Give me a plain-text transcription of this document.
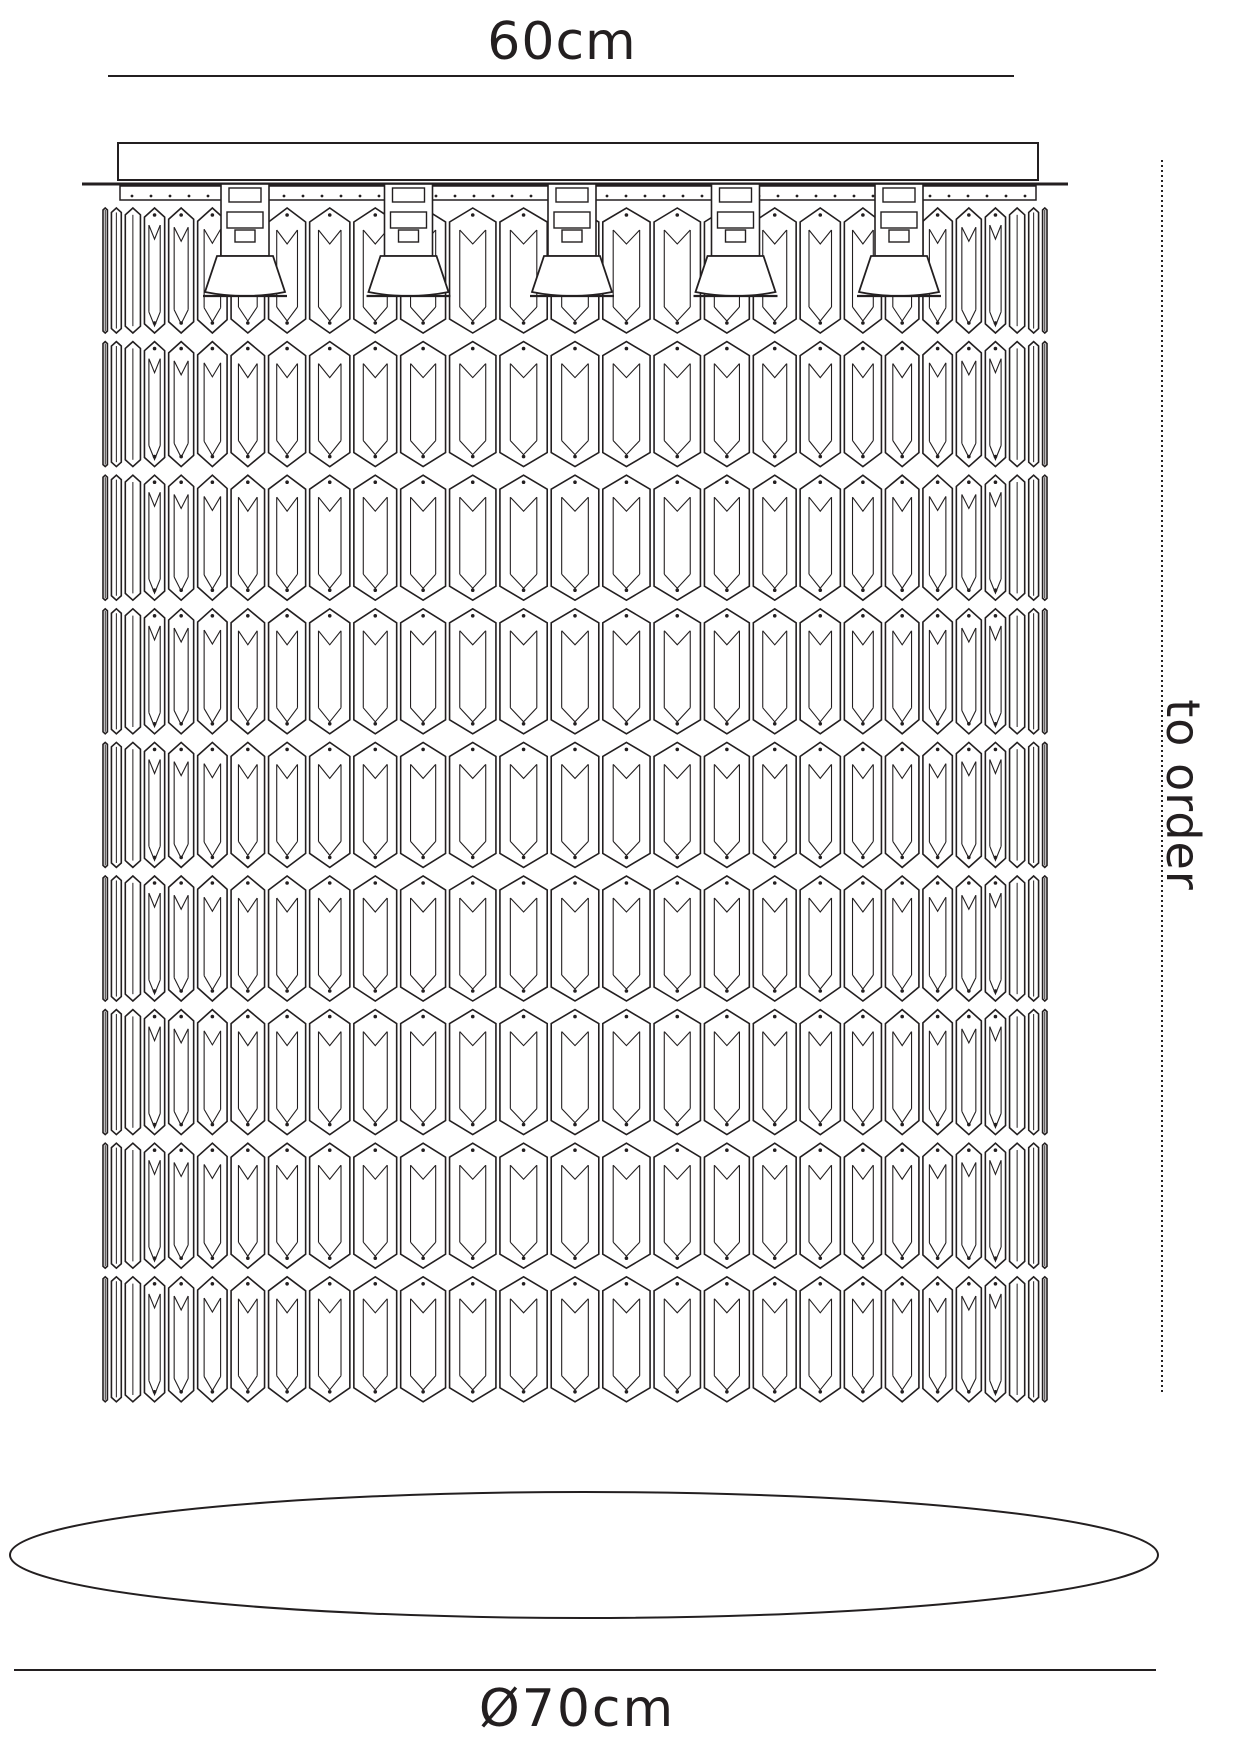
60cm
to order
Ø70cm
